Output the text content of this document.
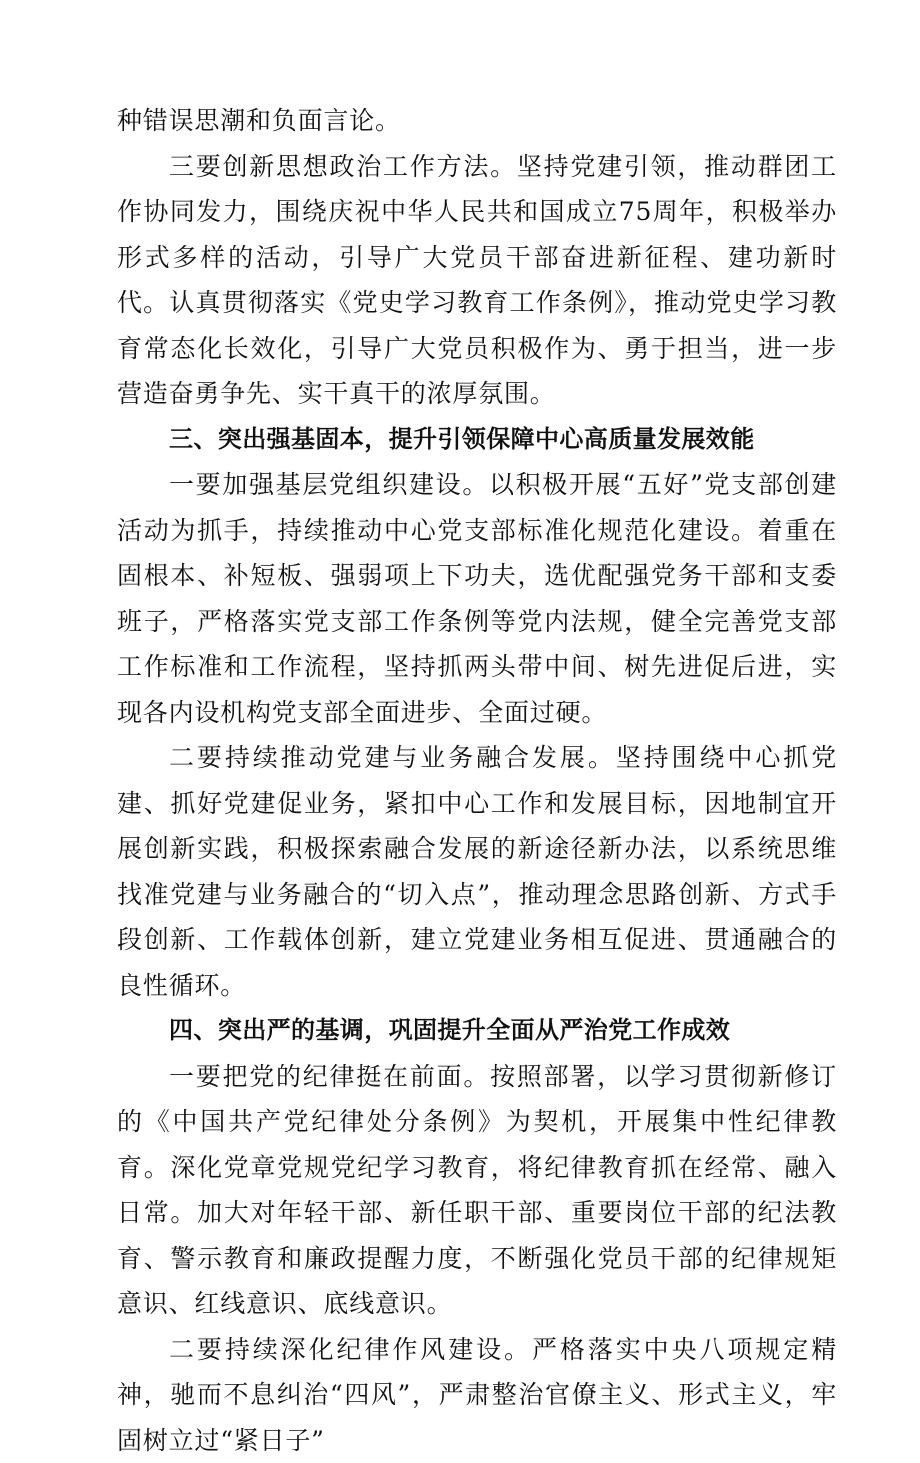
种错误思潮和负面言论。

三要创新思想政治工作方法。坚持党建引领，推动群团工作协同发力，围绕庆祝中华人民共和国成立75周年，积极举办形式多样的活动，引导广大党员干部奋进新征程、建功新时代。认真贯彻落实《党史学习教育工作条例》，推动党史学习教育常态化长效化，引导广大党员积极作为、勇于担当，进一步营造奋勇争先、实干真干的浓厚氛围。

三、突出强基固本，提升引领保障中心高质量发展效能

一要加强基层党组织建设。以积极开展“五好”党支部创建活动为抓手，持续推动中心党支部标准化规范化建设。着重在固根本、补短板、强弱项上下功夫，选优配强党务干部和支委班子，严格落实党支部工作条例等党内法规，健全完善党支部工作标准和工作流程，坚持抓两头带中间、树先进促后进，实现各内设机构党支部全面进步、全面过硬。

二要持续推动党建与业务融合发展。坚持围绕中心抓党建、抓好党建促业务，紧扣中心工作和发展目标，因地制宜开展创新实践，积极探索融合发展的新途径新办法，以系统思维找准党建与业务融合的“切入点”，推动理念思路创新、方式手段创新、工作载体创新，建立党建业务相互促进、贯通融合的良性循环。

四、突出严的基调，巩固提升全面从严治党工作成效

一要把党的纪律挺在前面。按照部署，以学习贯彻新修订的《中国共产党纪律处分条例》为契机，开展集中性纪律教育。深化党章党规党纪学习教育，将纪律教育抓在经常、融入日常。加大对年轻干部、新任职干部、重要岗位干部的纪法教育、警示教育和廉政提醒力度，不断强化党员干部的纪律规矩意识、红线意识、底线意识。

二要持续深化纪律作风建设。严格落实中央八项规定精神，驰而不息纠治“四风”，严肃整治官僚主义、形式主义，牢固树立过“紧日子”
